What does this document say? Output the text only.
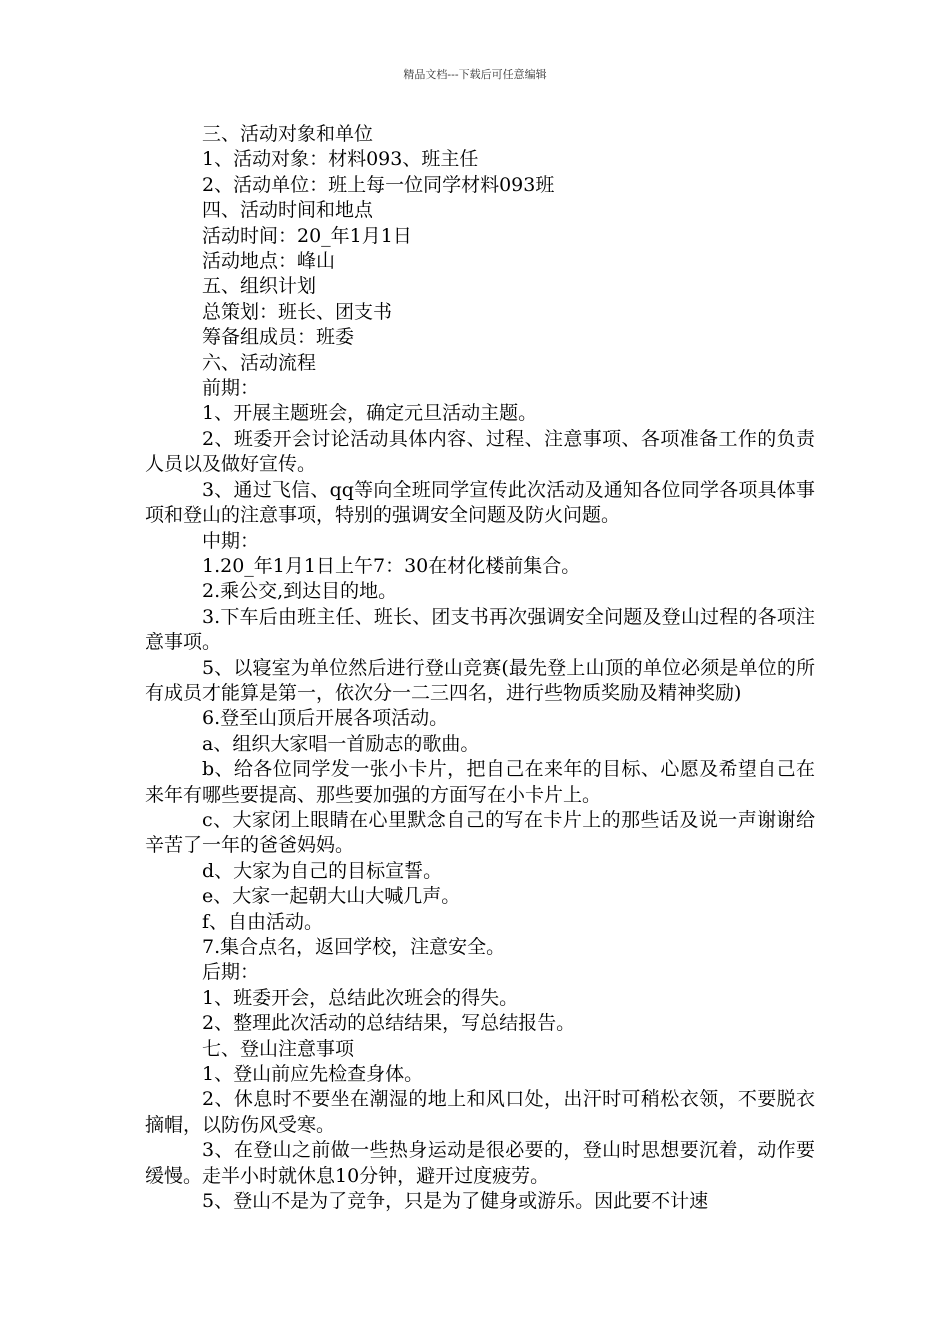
精品文档---下载后可任意编辑

三、活动对象和单位

1、活动对象：材料093、班主任

2、活动单位：班上每一位同学材料093班

四、活动时间和地点

活动时间：20_年1月1日

活动地点：峰山

五、组织计划

总策划：班长、团支书

筹备组成员：班委

六、活动流程

前期：

1、开展主题班会，确定元旦活动主题。

2、班委开会讨论活动具体内容、过程、注意事项、各项准备工作的负责人员以及做好宣传。

3、通过飞信、qq等向全班同学宣传此次活动及通知各位同学各项具体事项和登山的注意事项，特别的强调安全问题及防火问题。

中期：

1.20_年1月1日上午7：30在材化楼前集合。

2.乘公交,到达目的地。

3.下车后由班主任、班长、团支书再次强调安全问题及登山过程的各项注意事项。

5、以寝室为单位然后进行登山竞赛(最先登上山顶的单位必须是单位的所有成员才能算是第一，依次分一二三四名，进行些物质奖励及精神奖励)

6.登至山顶后开展各项活动。

a、组织大家唱一首励志的歌曲。

b、给各位同学发一张小卡片，把自己在来年的目标、心愿及希望自己在来年有哪些要提高、那些要加强的方面写在小卡片上。

c、大家闭上眼睛在心里默念自己的写在卡片上的那些话及说一声谢谢给辛苦了一年的爸爸妈妈。

d、大家为自己的目标宣誓。

e、大家一起朝大山大喊几声。

f、自由活动。

7.集合点名，返回学校，注意安全。

后期：

1、班委开会，总结此次班会的得失。

2、整理此次活动的总结结果，写总结报告。

七、登山注意事项

1、登山前应先检查身体。

2、休息时不要坐在潮湿的地上和风口处，出汗时可稍松衣领，不要脱衣摘帽，以防伤风受寒。

3、在登山之前做一些热身运动是很必要的，登山时思想要沉着，动作要缓慢。走半小时就休息10分钟，避开过度疲劳。

5、登山不是为了竞争，只是为了健身或游乐。因此要不计速
